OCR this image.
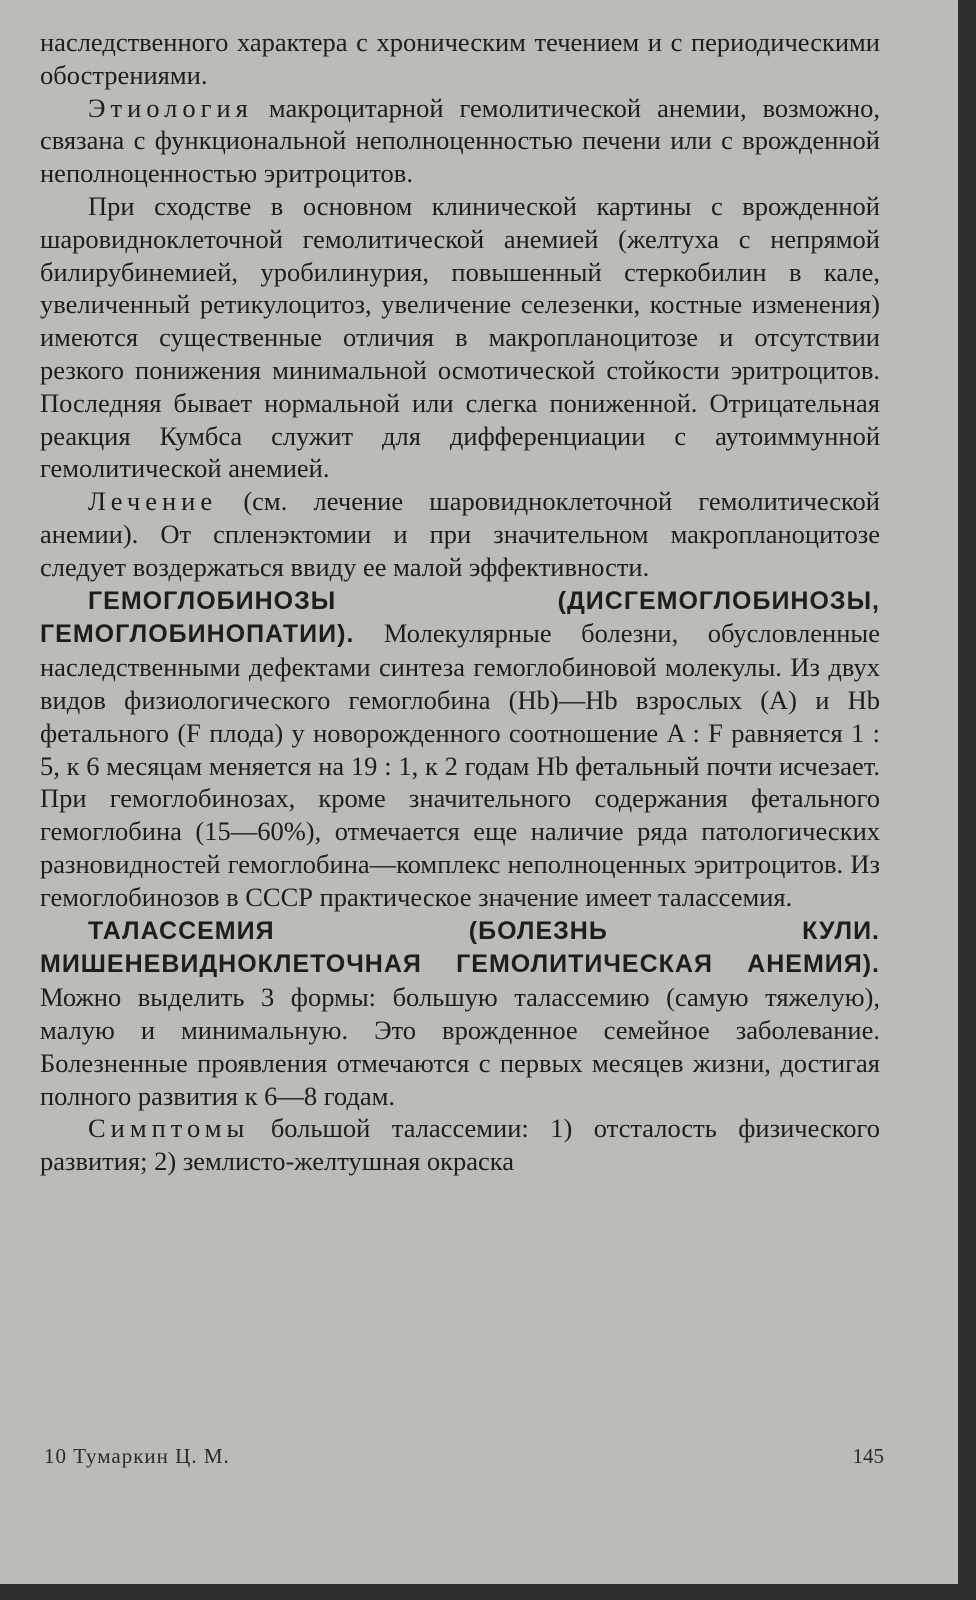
наследственного характера с хроническим течением и с периодическими обострениями.

Этиология макроцитарной гемолитической анемии, возможно, связана с функциональной неполноценностью печени или с врожденной неполноценностью эритроцитов.

При сходстве в основном клинической картины с врожденной шаровидноклеточной гемолитической анемией (желтуха с непрямой билирубинемией, уробилинурия, повышенный стеркобилин в кале, увеличенный ретикулоцитоз, увеличение селезенки, костные изменения) имеются существенные отличия в макропланоцитозе и отсутствии резкого понижения минимальной осмотической стойкости эритроцитов. Последняя бывает нормальной или слегка пониженной. Отрицательная реакция Кумбса служит для дифференциации с аутоиммунной гемолитической анемией.

Лечение (см. лечение шаровидноклеточной гемолитической анемии). От спленэктомии и при значительном макропланоцитозе следует воздержаться ввиду ее малой эффективности.

ГЕМОГЛОБИНОЗЫ (ДИСГЕМОГЛОБИНОЗЫ, ГЕМОГЛОБИНОПАТИИ). Молекулярные болезни, обусловленные наследственными дефектами синтеза гемоглобиновой молекулы. Из двух видов физиологического гемоглобина (Hb)—Hb взрослых (A) и Hb фетального (F плода) у новорожденного соотношение A : F равняется 1 : 5, к 6 месяцам меняется на 19 : 1, к 2 годам Hb фетальный почти исчезает. При гемоглобинозах, кроме значительного содержания фетального гемоглобина (15—60%), отмечается еще наличие ряда патологических разновидностей гемоглобина—комплекс неполноценных эритроцитов. Из гемоглобинозов в СССР практическое значение имеет талассемия.

ТАЛАССЕМИЯ (БОЛЕЗНЬ КУЛИ. МИШЕНЕВИДНОКЛЕТОЧНАЯ ГЕМОЛИТИЧЕСКАЯ АНЕМИЯ). Можно выделить 3 формы: большую талассемию (самую тяжелую), малую и минимальную. Это врожденное семейное заболевание. Болезненные проявления отмечаются с первых месяцев жизни, достигая полного развития к 6—8 годам.

Симптомы большой талассемии: 1) отсталость физического развития; 2) землисто-желтушная окраска

10 Тумаркин Ц. М.	145
